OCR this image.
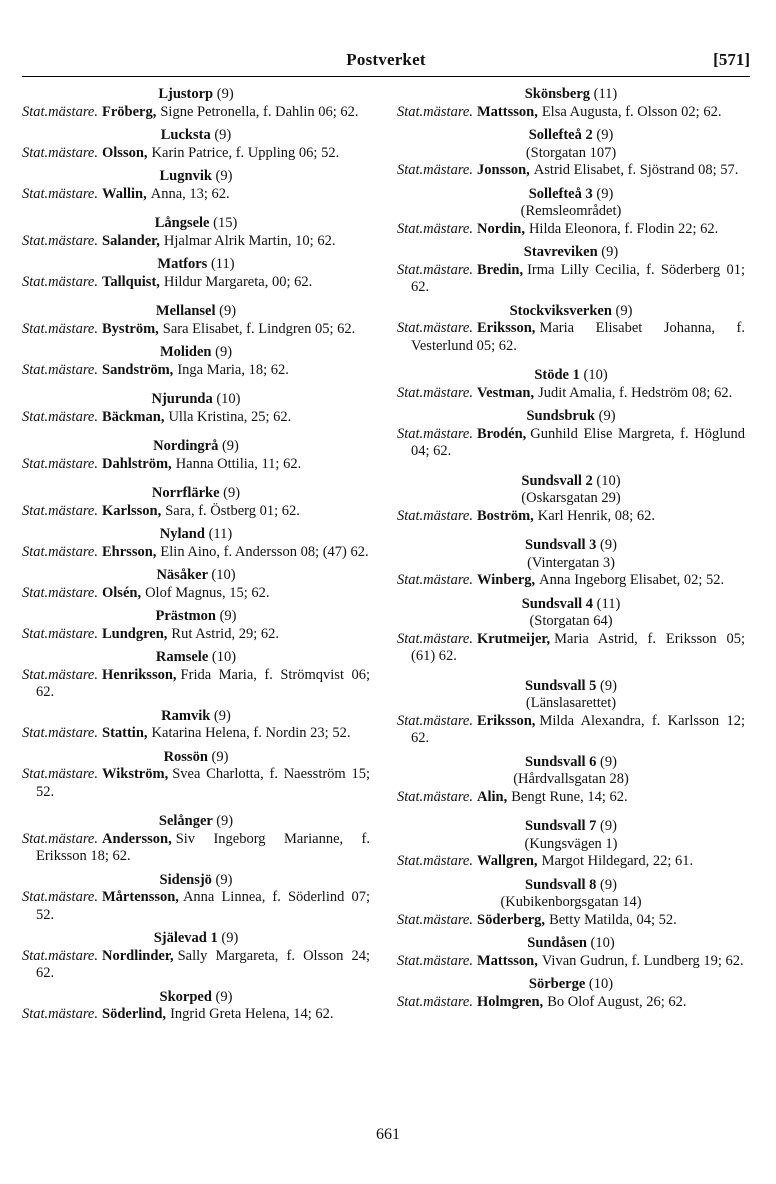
Postverket	[571]
Ljustorp (9)
Stat.mästare. Fröberg, Signe Petronella, f. Dahlin 06; 62.
Lucksta (9)
Stat.mästare. Olsson, Karin Patrice, f. Uppling 06; 52.
Lugnvik (9)
Stat.mästare. Wallin, Anna, 13; 62.
Långsele (15)
Stat.mästare. Salander, Hjalmar Alrik Martin, 10; 62.
Matfors (11)
Stat.mästare. Tallquist, Hildur Margareta, 00; 62.
Mellansel (9)
Stat.mästare. Byström, Sara Elisabet, f. Lindgren 05; 62.
Moliden (9)
Stat.mästare. Sandström, Inga Maria, 18; 62.
Njurunda (10)
Stat.mästare. Bäckman, Ulla Kristina, 25; 62.
Nordingrå (9)
Stat.mästare. Dahlström, Hanna Ottilia, 11; 62.
Norrflärke (9)
Stat.mästare. Karlsson, Sara, f. Östberg 01; 62.
Nyland (11)
Stat.mästare. Ehrsson, Elin Aino, f. Andersson 08; (47) 62.
Näsåker (10)
Stat.mästare. Olsén, Olof Magnus, 15; 62.
Prästmon (9)
Stat.mästare. Lundgren, Rut Astrid, 29; 62.
Ramsele (10)
Stat.mästare. Henriksson, Frida Maria, f. Strömqvist 06; 62.
Ramvik (9)
Stat.mästare. Stattin, Katarina Helena, f. Nordin 23; 52.
Rossön (9)
Stat.mästare. Wikström, Svea Charlotta, f. Naesström 15; 52.
Selånger (9)
Stat.mästare. Andersson, Siv Ingeborg Marianne, f. Eriksson 18; 62.
Sidensjö (9)
Stat.mästare. Mårtensson, Anna Linnea, f. Söderlind 07; 52.
Själevad 1 (9)
Stat.mästare. Nordlinder, Sally Margareta, f. Olsson 24; 62.
Skorped (9)
Stat.mästare. Söderlind, Ingrid Greta Helena, 14; 62.
Skönsberg (11)
Stat.mästare. Mattsson, Elsa Augusta, f. Olsson 02; 62.
Sollefteå 2 (9)
(Storgatan 107)
Stat.mästare. Jonsson, Astrid Elisabet, f. Sjöstrand 08; 57.
Sollefteå 3 (9)
(Remsleområdet)
Stat.mästare. Nordin, Hilda Eleonora, f. Flodin 22; 62.
Stavreviken (9)
Stat.mästare. Bredin, Irma Lilly Cecilia, f. Söderberg 01; 62.
Stockviksverken (9)
Stat.mästare. Eriksson, Maria Elisabet Johanna, f. Vesterlund 05; 62.
Stöde 1 (10)
Stat.mästare. Vestman, Judit Amalia, f. Hedström 08; 62.
Sundsbruk (9)
Stat.mästare. Brodén, Gunhild Elise Margreta, f. Höglund 04; 62.
Sundsvall 2 (10)
(Oskarsgatan 29)
Stat.mästare. Boström, Karl Henrik, 08; 62.
Sundsvall 3 (9)
(Vintergatan 3)
Stat.mästare. Winberg, Anna Ingeborg Elisabet, 02; 52.
Sundsvall 4 (11)
(Storgatan 64)
Stat.mästare. Krutmeijer, Maria Astrid, f. Eriksson 05; (61) 62.
Sundsvall 5 (9)
(Länslasarettet)
Stat.mästare. Eriksson, Milda Alexandra, f. Karlsson 12; 62.
Sundsvall 6 (9)
(Hårdvallsgatan 28)
Stat.mästare. Alin, Bengt Rune, 14; 62.
Sundsvall 7 (9)
(Kungsvägen 1)
Stat.mästare. Wallgren, Margot Hildegard, 22; 61.
Sundsvall 8 (9)
(Kubikenborgsgatan 14)
Stat.mästare. Söderberg, Betty Matilda, 04; 52.
Sundåsen (10)
Stat.mästare. Mattsson, Vivan Gudrun, f. Lundberg 19; 62.
Sörberge (10)
Stat.mästare. Holmgren, Bo Olof August, 26; 62.
661
